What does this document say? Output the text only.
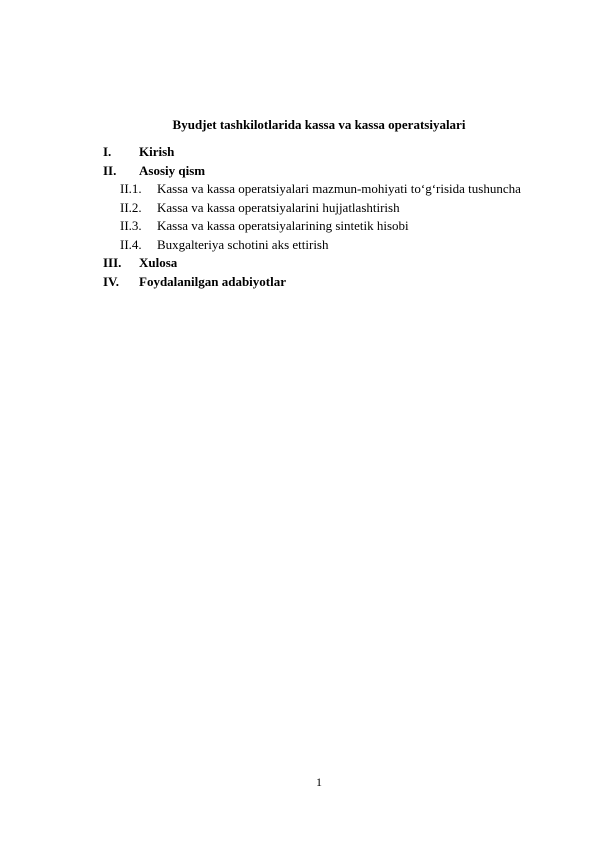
Byudjet tashkilotlarida kassa va kassa operatsiyalari
I. Kirish
II. Asosiy qism
II.1. Kassa va kassa operatsiyalari mazmun-mohiyati to‘g‘risida tushuncha
II.2. Kassa va kassa operatsiyalarini hujjatlashtirish
II.3. Kassa va kassa operatsiyalarining sintetik hisobi
II.4. Buxgalteriya schotini aks ettirish
III. Xulosa
IV. Foydalanilgan adabiyotlar
1
